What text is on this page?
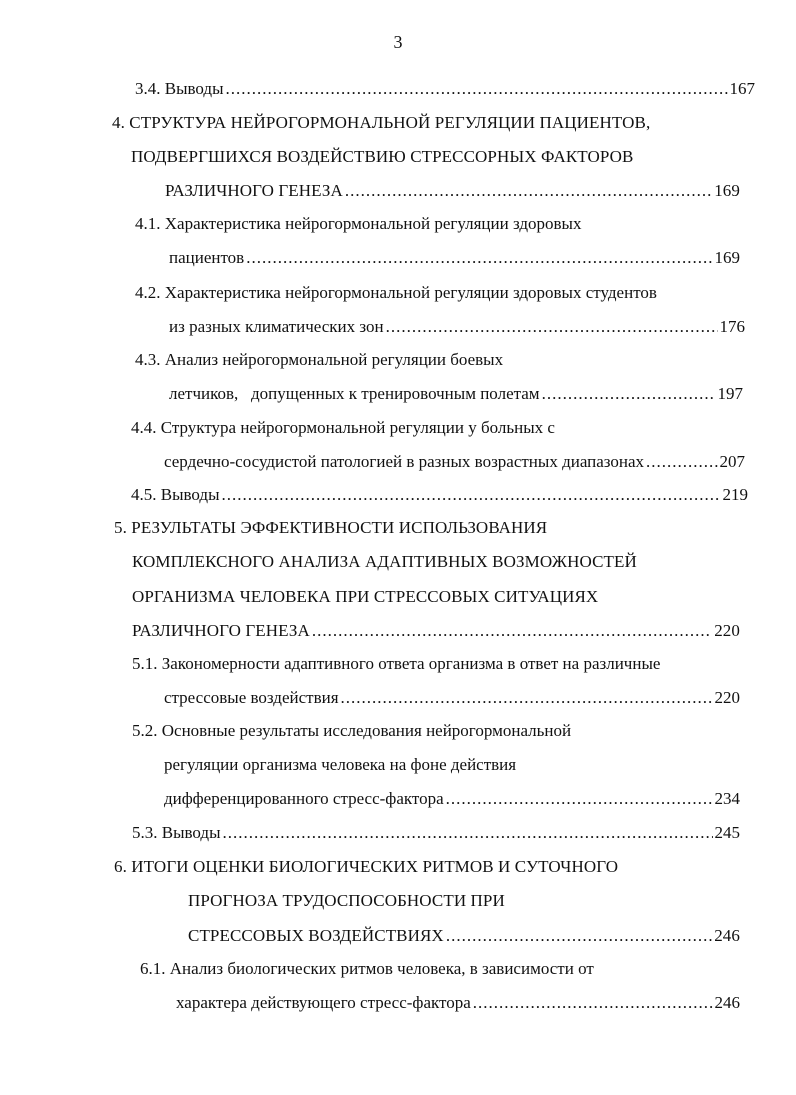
3
3.4. Выводы .....	167
4. СТРУКТУРА НЕЙРОГОРМОНАЛЬНОЙ РЕГУЛЯЦИИ ПАЦИЕНТОВ,
ПОДВЕРГШИХСЯ ВОЗДЕЙСТВИЮ СТРЕССОРНЫХ ФАКТОРОВ
РАЗЛИЧНОГО ГЕНЕЗА .....	169
4.1. Характеристика нейрогормональной регуляции здоровых
пациентов .....	169
4.2. Характеристика нейрогормональной регуляции здоровых студентов
из разных климатических зон .....	176
4.3. Анализ нейрогормональной регуляции боевых
летчиков,   допущенных к тренировочным полетам .....	197
4.4. Структура нейрогормональной регуляции у больных с
сердечно-сосудистой патологией в разных возрастных диапазонах .....	207
4.5. Выводы .....	219
5. РЕЗУЛЬТАТЫ ЭФФЕКТИВНОСТИ ИСПОЛЬЗОВАНИЯ
КОМПЛЕКСНОГО АНАЛИЗА АДАПТИВНЫХ ВОЗМОЖНОСТЕЙ
ОРГАНИЗМА ЧЕЛОВЕКА ПРИ СТРЕССОВЫХ СИТУАЦИЯХ
РАЗЛИЧНОГО ГЕНЕЗА .....	220
5.1. Закономерности адаптивного ответа организма в ответ на различные
стрессовые воздействия .....	220
5.2. Основные результаты исследования нейрогормональной
регуляции организма человека на фоне действия
дифференцированного стресс-фактора .....	234
5.3. Выводы .....	245
6. ИТОГИ ОЦЕНКИ БИОЛОГИЧЕСКИХ РИТМОВ И СУТОЧНОГО
ПРОГНОЗА ТРУДОСПОСОБНОСТИ ПРИ
СТРЕССОВЫХ ВОЗДЕЙСТВИЯХ .....	246
6.1. Анализ биологических ритмов человека, в зависимости от
характера действующего стресс-фактора .....	246
